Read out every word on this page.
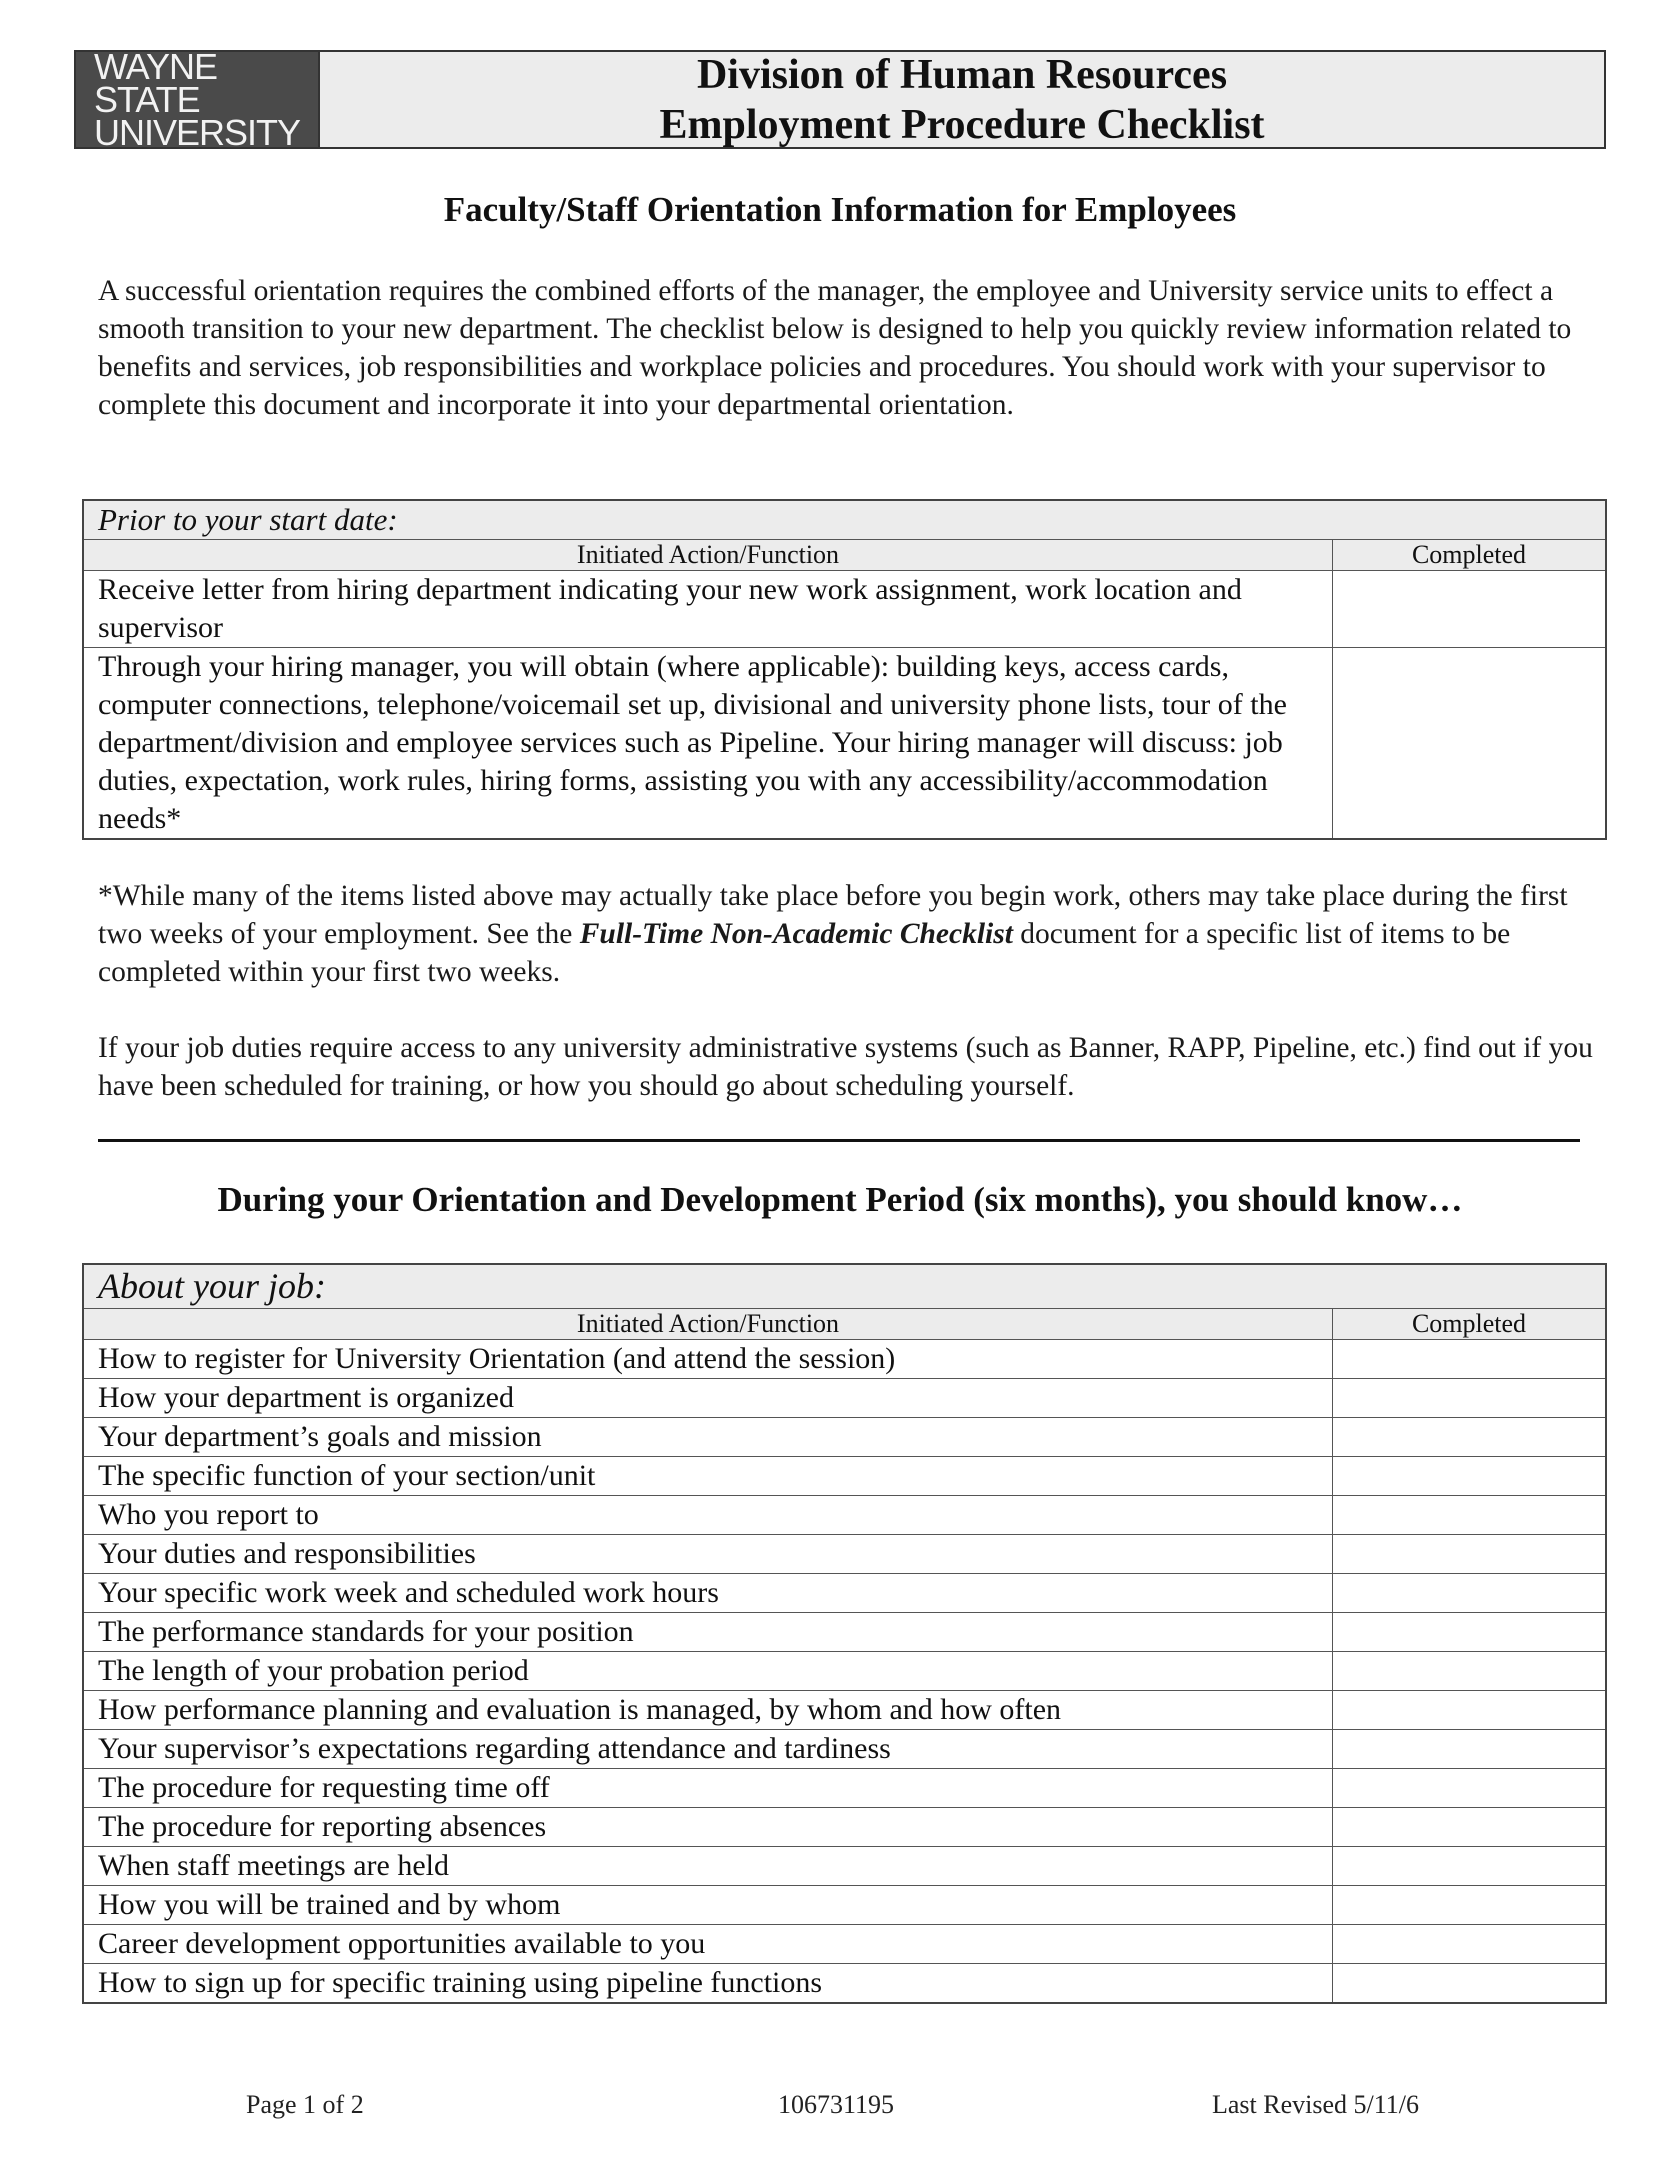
WAYNE STATE
UNIVERSITY
Division of Human Resources
Employment Procedure Checklist
Faculty/Staff Orientation Information for Employees
A successful orientation requires the combined efforts of the manager, the employee and University service units to effect a smooth transition to your new department. The checklist below is designed to help you quickly review information related to benefits and services, job responsibilities and workplace policies and procedures. You should work with your supervisor to complete this document and incorporate it into your departmental orientation.
Prior to your start date:	
Initiated Action/Function	Completed
Receive letter from hiring department indicating your new work assignment, work location and supervisor	
Through your hiring manager, you will obtain (where applicable): building keys, access cards, computer connections, telephone/voicemail set up, divisional and university phone lists, tour of the department/division and employee services such as Pipeline. Your hiring manager will discuss: job duties, expectation, work rules, hiring forms, assisting you with any accessibility/accommodation needs*	
*While many of the items listed above may actually take place before you begin work, others may take place during the first two weeks of your employment. See the Full-Time Non-Academic Checklist document for a specific list of items to be completed within your first two weeks.
If your job duties require access to any university administrative systems (such as Banner, RAPP, Pipeline, etc.) find out if you have been scheduled for training, or how you should go about scheduling yourself.
During your Orientation and Development Period (six months), you should know…
About your job:	
Initiated Action/Function	Completed
How to register for University Orientation (and attend the session)	
How your department is organized	
Your department’s goals and mission	
The specific function of your section/unit	
Who you report to	
Your duties and responsibilities	
Your specific work week and scheduled work hours	
The performance standards for your position	
The length of your probation period	
How performance planning and evaluation is managed, by whom and how often	
Your supervisor’s expectations regarding attendance and tardiness	
The procedure for requesting time off	
The procedure for reporting absences	
When staff meetings are held	
How you will be trained and by whom	
Career development opportunities available to you	
How to sign up for specific training using pipeline functions	
Page 1 of 2	106731195	Last Revised 5/11/6
